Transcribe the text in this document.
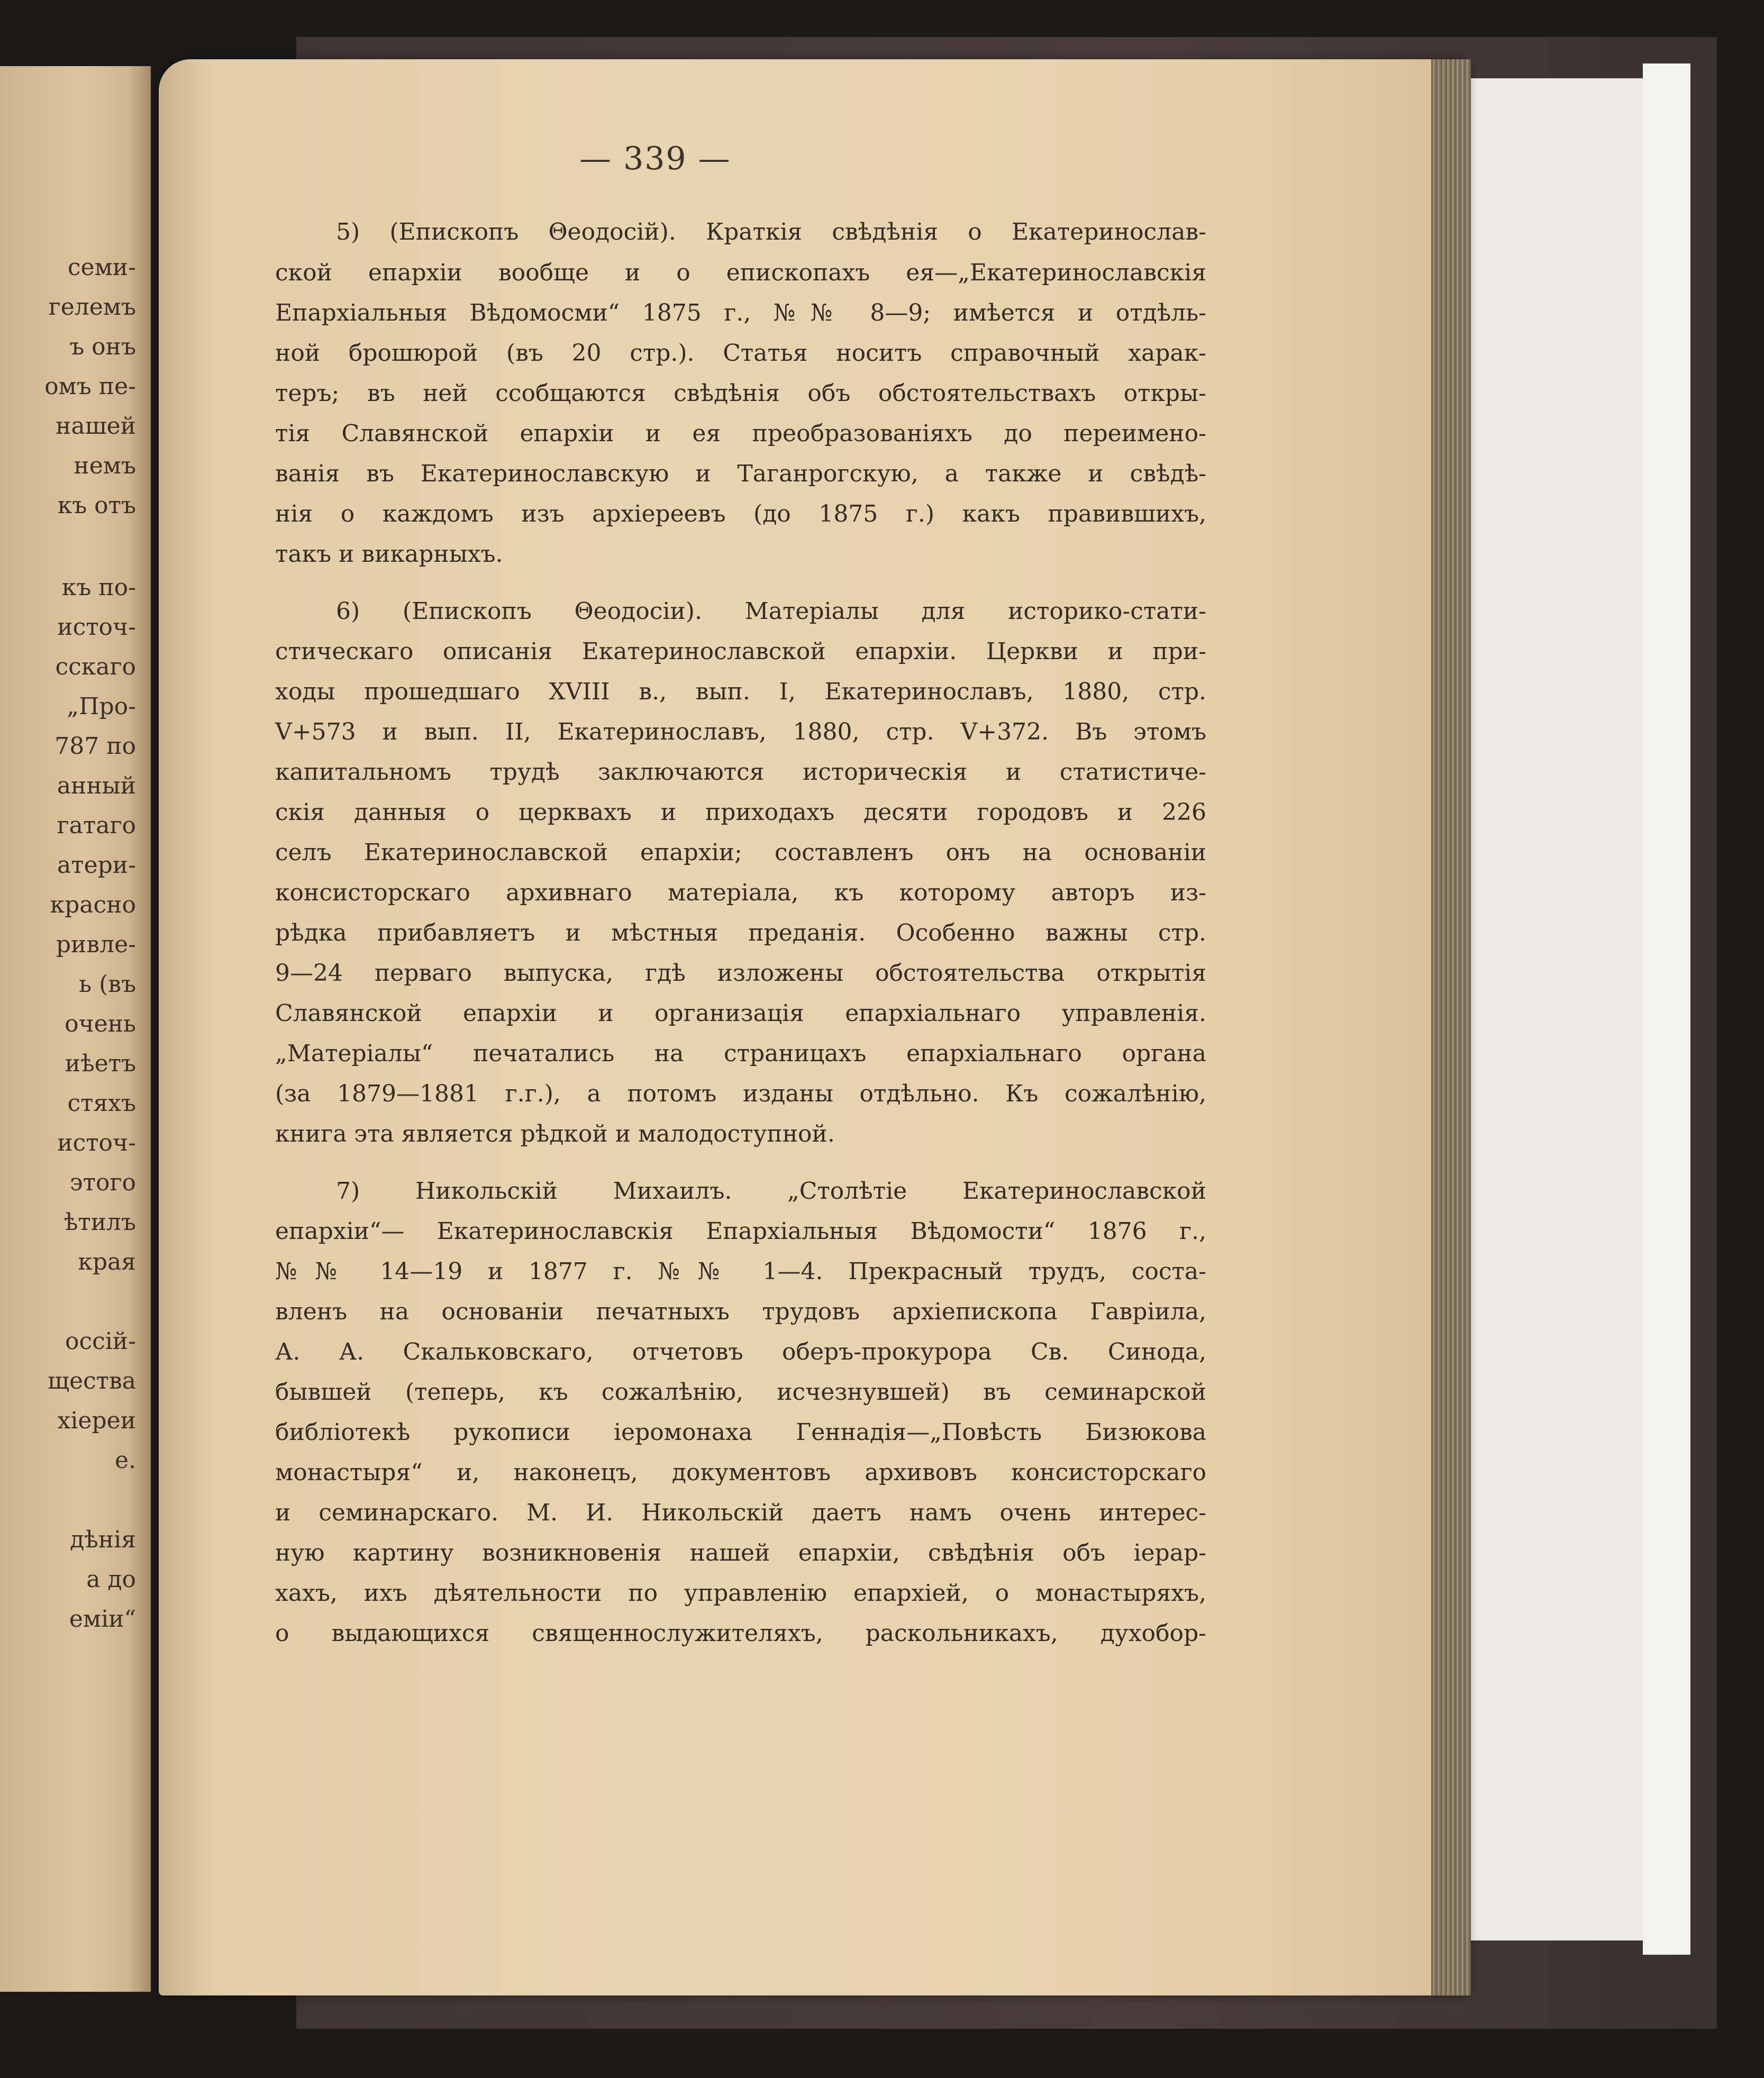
семи-
гелемъ
ъ онъ
омъ пе-
нашей
немъ
къ отъ
къ по-
источ-
сскаго
„Про-
787 по
анный
гатаго
атери-
красно
ривле-
ь (въ
очень
иѣетъ
стяхъ
источ-
этого
ѣтилъ
края
оссій-
щества
хіереи
е.
дѣнія
а до
еміи“
— 339 —
5) (Епископъ Θеодосій). Краткія свѣдѣнія о Екатеринослав-
ской епархіи вообще и о епископахъ ея—„Екатеринославскія
Епархіальныя Вѣдомосми“ 1875 г., №№ 8—9; имѣется и отдѣль-
ной брошюрой (въ 20 стр.). Статья носитъ справочный харак-
теръ; въ ней ссобщаются свѣдѣнія объ обстоятельствахъ откры-
тія Славянской епархіи и ея преобразованіяхъ до переимено-
ванія въ Екатеринославскую и Таганрогскую, а также и свѣдѣ-
нія о каждомъ изъ архіереевъ (до 1875 г.) какъ правившихъ,
такъ и викарныхъ.
6) (Епископъ Θеодосіи). Матеріалы для историко-стати-
стическаго описанія Екатеринославской епархіи. Церкви и при-
ходы прошедшаго XVIII в., вып. I, Екатеринославъ, 1880, стр.
V+573 и вып. II, Екатеринославъ, 1880, стр. V+372. Въ этомъ
капитальномъ трудѣ заключаются историческія и статистиче-
скія данныя о церквахъ и приходахъ десяти городовъ и 226
селъ Екатеринославской епархіи; составленъ онъ на основаніи
консисторскаго архивнаго матеріала, къ которому авторъ из-
рѣдка прибавляетъ и мѣстныя преданія. Особенно важны стр.
9—24 перваго выпуска, гдѣ изложены обстоятельства открытія
Славянской епархіи и организація епархіальнаго управленія.
„Матеріалы“ печатались на страницахъ епархіальнаго органа
(за 1879—1881 г.г.), а потомъ изданы отдѣльно. Къ сожалѣнію,
книга эта является рѣдкой и малодоступной.
7) Никольскій Михаилъ. „Столѣтіе Екатеринославской
епархіи“— Екатеринославскія Епархіальныя Вѣдомости“ 1876 г.,
№№ 14—19 и 1877 г. №№ 1—4. Прекрасный трудъ, соста-
вленъ на основаніи печатныхъ трудовъ архіепископа Гавріила,
А. А. Скальковскаго, отчетовъ оберъ-прокурора Св. Синода,
бывшей (теперь, къ сожалѣнію, исчезнувшей) въ семинарской
библіотекѣ рукописи іеромонаха Геннадія—„Повѣсть Бизюкова
монастыря“ и, наконецъ, документовъ архивовъ консисторскаго
и семинарскаго. М. И. Никольскій даетъ намъ очень интерес-
ную картину возникновенія нашей епархіи, свѣдѣнія объ іерар-
хахъ, ихъ дѣятельности по управленію епархіей, о монастыряхъ,
о выдающихся священнослужителяхъ, раскольникахъ, духобор-
